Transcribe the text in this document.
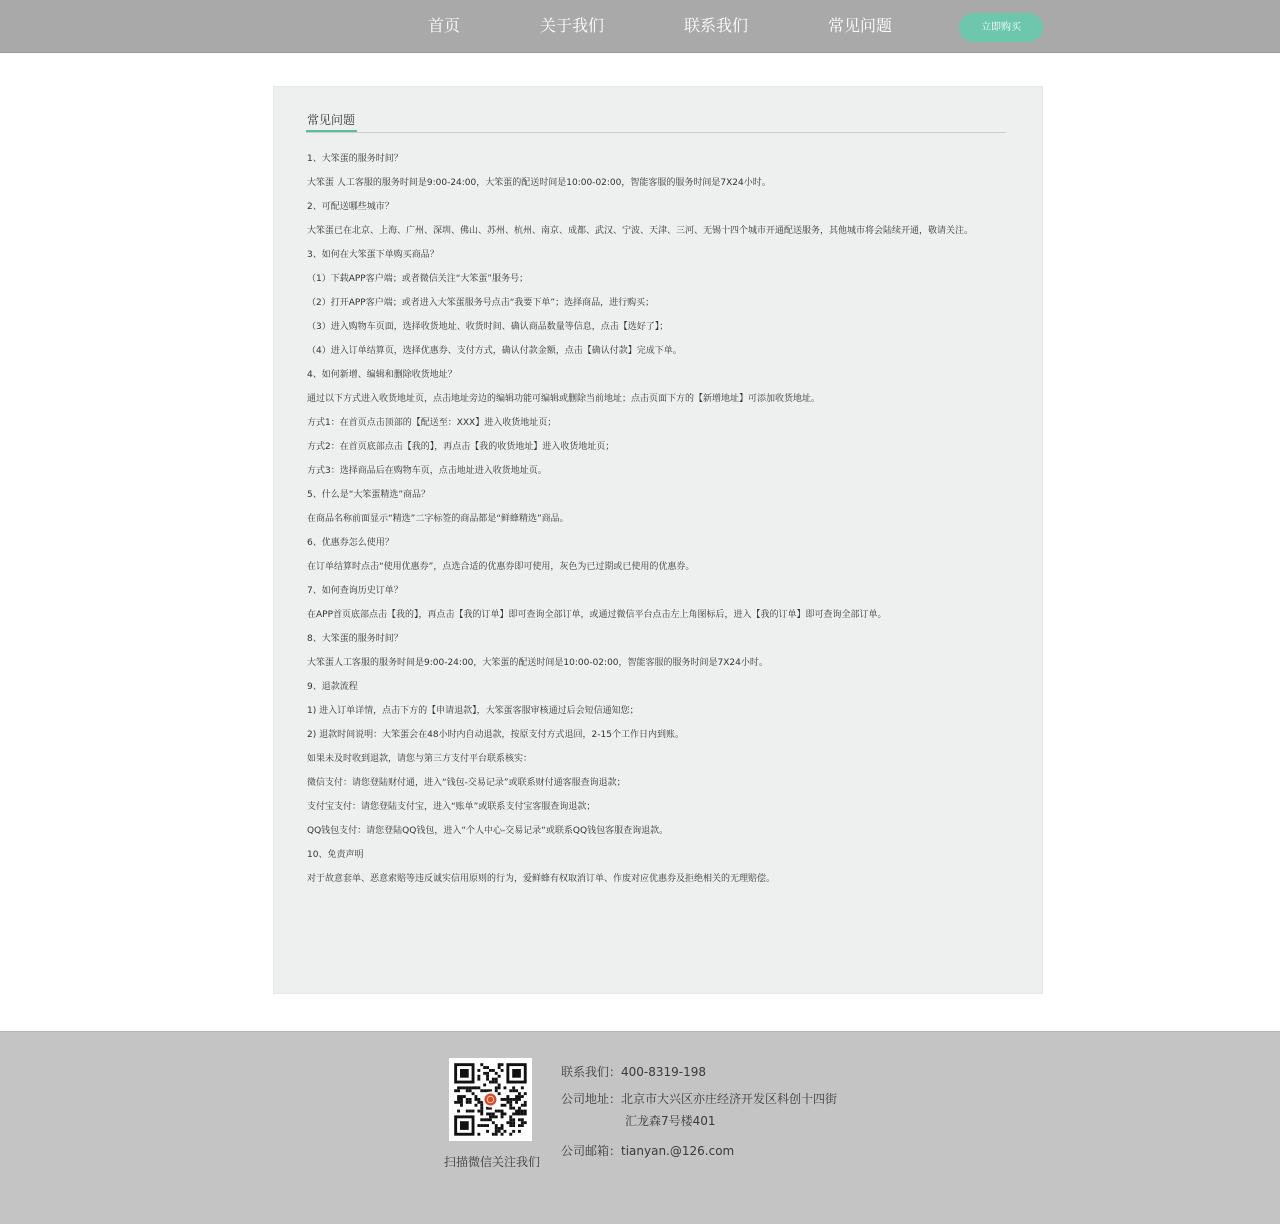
首页	关于我们	联系我们	常见问题	立即购买
常见问题
1、大笨蛋的服务时间？
大笨蛋 人工客服的服务时间是9:00-24:00，大笨蛋的配送时间是10:00-02:00，智能客服的服务时间是7X24小时。
2、可配送哪些城市？
大笨蛋已在北京、上海、广州、深圳、佛山、苏州、杭州、南京、成都、武汉、宁波、天津、三河、无锡十四个城市开通配送服务，其他城市将会陆续开通，敬请关注。
3、如何在大笨蛋下单购买商品？
（1）下载APP客户端；或者微信关注“大笨蛋”服务号；
（2）打开APP客户端；或者进入大笨蛋服务号点击“我要下单”；选择商品，进行购买；
（3）进入购物车页面，选择收货地址、收货时间、确认商品数量等信息，点击【选好了】；
（4）进入订单结算页，选择优惠券、支付方式，确认付款金额，点击【确认付款】完成下单。
4、如何新增、编辑和删除收货地址？
通过以下方式进入收货地址页，点击地址旁边的编辑功能可编辑或删除当前地址；点击页面下方的【新增地址】可添加收货地址。
方式1：在首页点击顶部的【配送至：XXX】进入收货地址页；
方式2：在首页底部点击【我的】，再点击【我的收货地址】进入收货地址页；
方式3：选择商品后在购物车页，点击地址进入收货地址页。
5、什么是“大笨蛋精选”商品？
在商品名称前面显示“精选”二字标签的商品都是“鲜蜂精选”商品。
6、优惠券怎么使用？
在订单结算时点击“使用优惠券”，点选合适的优惠券即可使用，灰色为已过期或已使用的优惠券。
7、如何查询历史订单？
在APP首页底部点击【我的】，再点击【我的订单】即可查询全部订单，或通过微信平台点击左上角图标后，进入【我的订单】即可查询全部订单。
8、大笨蛋的服务时间？
大笨蛋人工客服的服务时间是9:00-24:00，大笨蛋的配送时间是10:00-02:00，智能客服的服务时间是7X24小时。
9、退款流程
1) 进入订单详情，点击下方的【申请退款】，大笨蛋客服审核通过后会短信通知您；
2) 退款时间说明：大笨蛋会在48小时内自动退款，按原支付方式退回，2-15个工作日内到账。
如果未及时收到退款，请您与第三方支付平台联系核实：
微信支付：请您登陆财付通，进入“钱包-交易记录”或联系财付通客服查询退款；
支付宝支付：请您登陆支付宝，进入“账单”或联系支付宝客服查询退款；
QQ钱包支付：请您登陆QQ钱包，进入“个人中心-交易记录“或联系QQ钱包客服查询退款。
10、免责声明
对于故意套单、恶意索赔等违反诚实信用原则的行为，爱鲜蜂有权取消订单、作废对应优惠券及拒绝相关的无理赔偿。
扫描微信关注我们
联系我们：400-8319-198
公司地址：北京市大兴区亦庄经济开发区科创十四街
汇龙森7号楼401
公司邮箱：tianyan.@126.com
